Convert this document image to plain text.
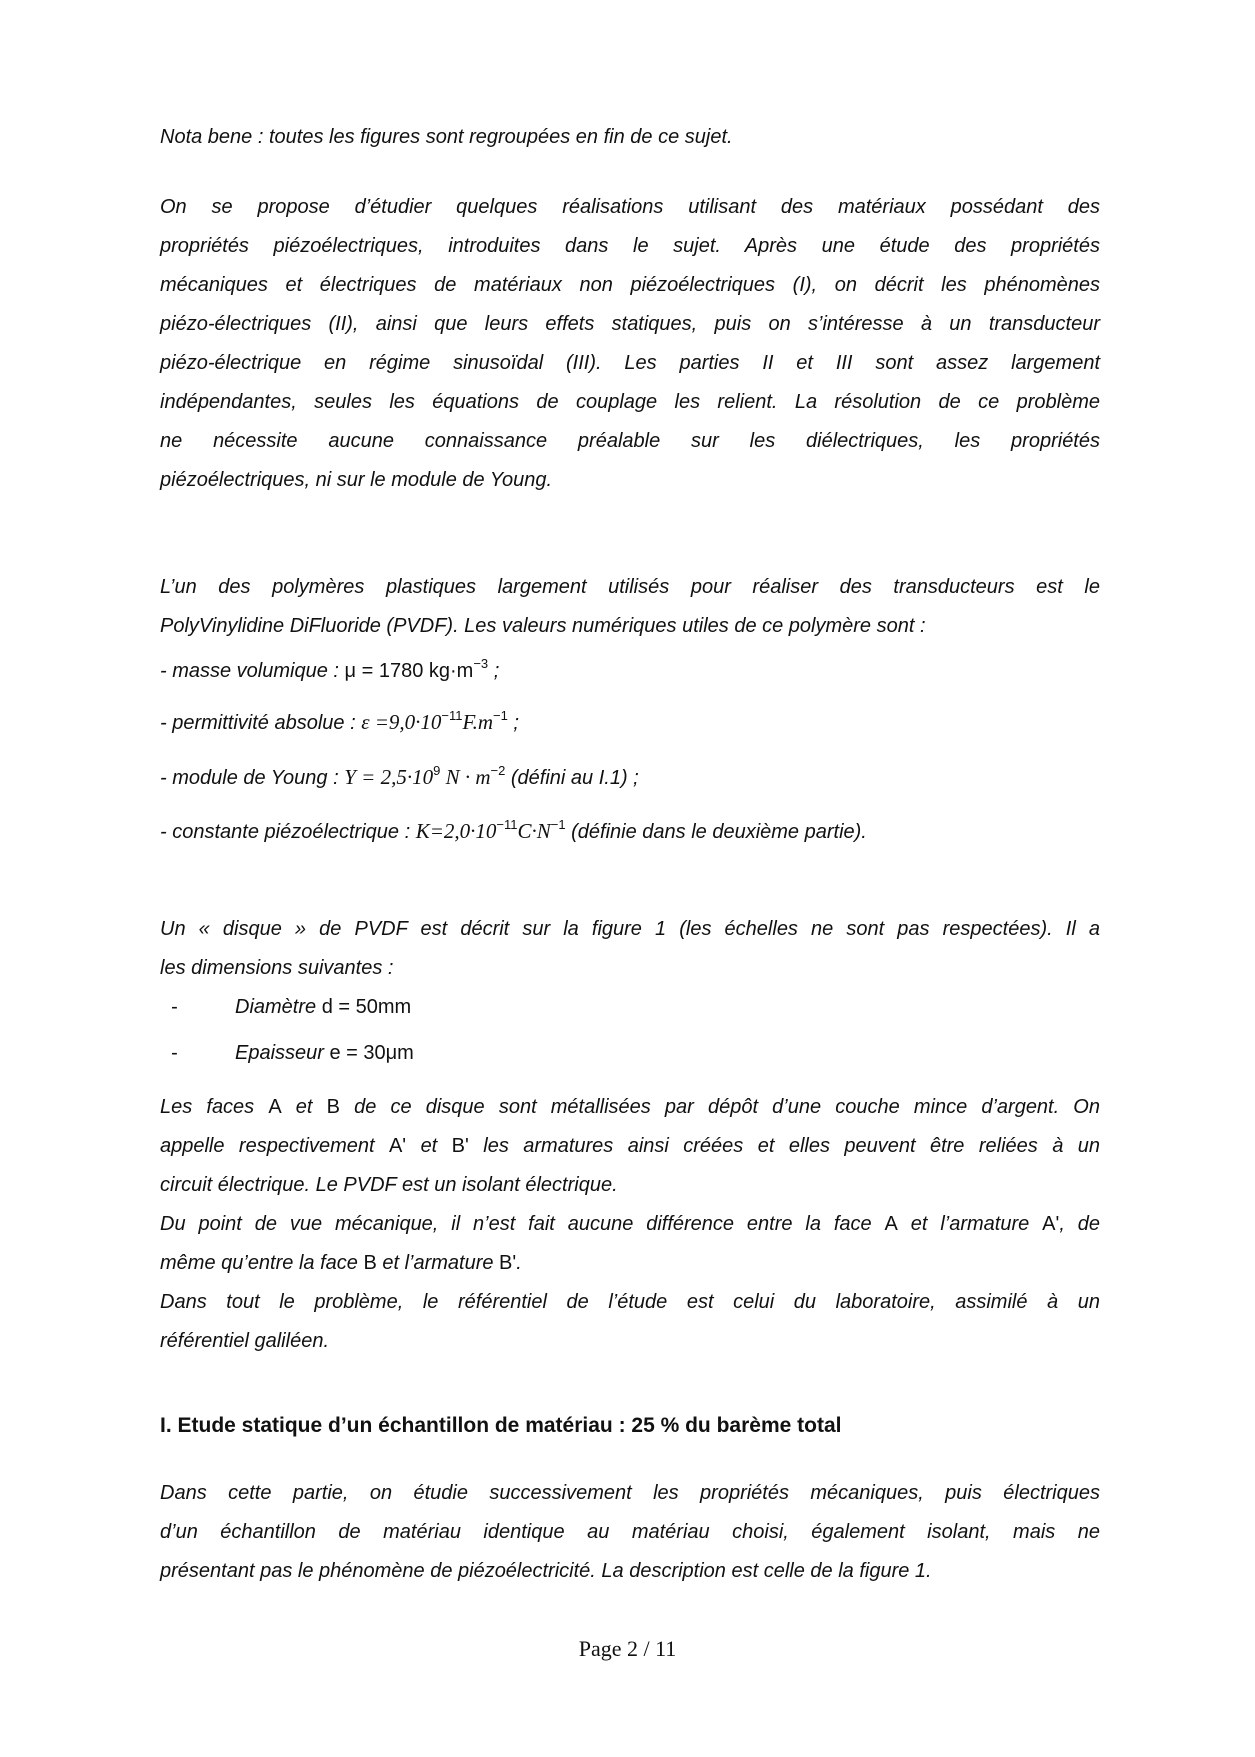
Nota bene : toutes les figures sont regroupées en fin de ce sujet.
On se propose d’étudier quelques réalisations utilisant des matériaux possédant des
propriétés piézoélectriques, introduites dans le sujet. Après une étude des propriétés
mécaniques et électriques de matériaux non piézoélectriques (I), on décrit les phénomènes
piézo-électriques (II), ainsi que leurs effets statiques, puis on s’intéresse à un transducteur
piézo-électrique en régime sinusoïdal (III). Les parties II et III sont assez largement
indépendantes, seules les équations de couplage les relient. La résolution de ce problème
ne nécessite aucune connaissance préalable sur les diélectriques, les propriétés
piézoélectriques, ni sur le module de Young.
L’un des polymères plastiques largement utilisés pour réaliser des transducteurs est le
PolyVinylidine DiFluoride (PVDF). Les valeurs numériques utiles de ce polymère sont :
- masse volumique : μ = 1780 $kg\cdot m^{-3}$ ;
- permittivité absolue : $\varepsilon =9,0\cdot 10^{-11}F.m^{-1}$ ;
- module de Young : $Y = 2,5\cdot 10^9$ $N \cdot m^{-2}$ (défini au I.1) ;
- constante piézoélectrique : $K=2,0\cdot 10^{-11}C\cdot N^{-1}$ (définie dans le deuxième partie).
Un « disque » de PVDF est décrit sur la figure 1 (les échelles ne sont pas respectées). Il a
les dimensions suivantes :
-	Diamètre d = 50mm
-	Epaisseur e = 30μm
Les faces A et B de ce disque sont métallisées par dépôt d’une couche mince d’argent. On
appelle respectivement A' et B' les armatures ainsi créées et elles peuvent être reliées à un
circuit électrique. Le PVDF est un isolant électrique.
Du point de vue mécanique, il n’est fait aucune différence entre la face A et l’armature A', de
même qu’entre la face B et l’armature B'.
Dans tout le problème, le référentiel de l’étude est celui du laboratoire, assimilé à un
référentiel galiléen.
I. Etude statique d’un échantillon de matériau : 25 % du barème total
Dans cette partie, on étudie successivement les propriétés mécaniques, puis électriques
d’un échantillon de matériau identique au matériau choisi, également isolant, mais ne
présentant pas le phénomène de piézoélectricité. La description est celle de la figure 1.
Page 2 / 11
